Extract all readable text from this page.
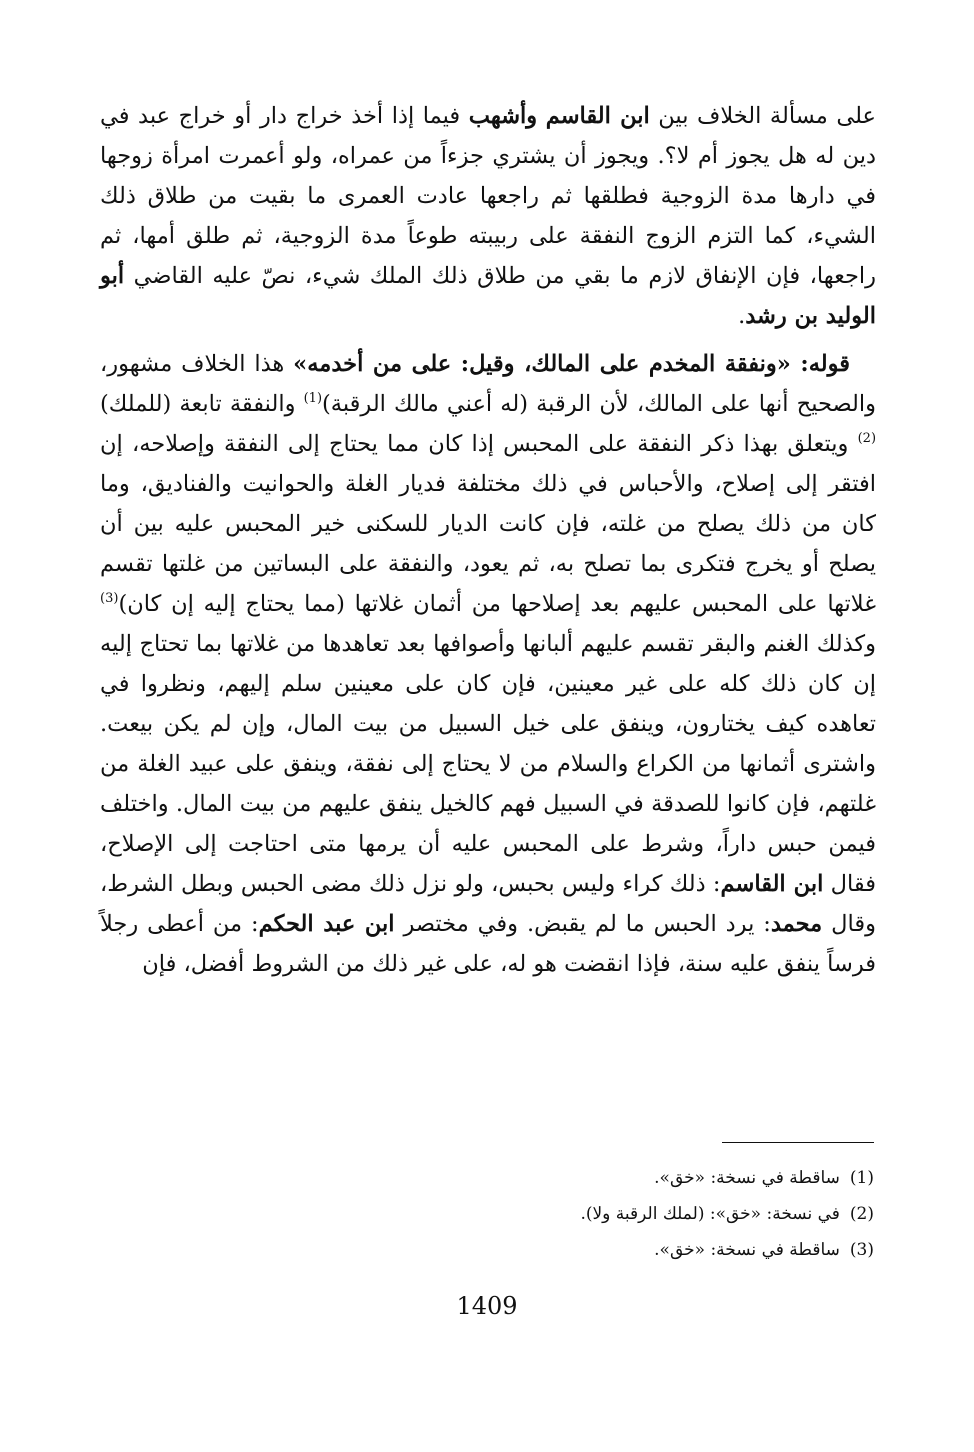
على مسألة الخلاف بين ابن القاسم وأشهب فيما إذا أخذ خراج دار أو خراج عبد في دين له هل يجوز أم لا؟. ويجوز أن يشتري جزءاً من عمراه، ولو أعمرت امرأة زوجها في دارها مدة الزوجية فطلقها ثم راجعها عادت العمرى ما بقيت من طلاق ذلك الشيء، كما التزم الزوج النفقة على ربيبته طوعاً مدة الزوجية، ثم طلق أمها، ثم راجعها، فإن الإنفاق لازم ما بقي من طلاق ذلك الملك شيء، نصّ عليه القاضي أبو الوليد بن رشد.

قوله: «ونفقة المخدم على المالك، وقيل: على من أخدمه» هذا الخلاف مشهور، والصحيح أنها على المالك، لأن الرقبة (له أعني مالك الرقبة)$^{(1)}$ والنفقة تابعة (للملك)$^{(2)}$ ويتعلق بهذا ذكر النفقة على المحبس إذا كان مما يحتاج إلى النفقة وإصلاحه، إن افتقر إلى إصلاح، والأحباس في ذلك مختلفة فديار الغلة والحوانيت والفناديق، وما كان من ذلك يصلح من غلته، فإن كانت الديار للسكنى خير المحبس عليه بين أن يصلح أو يخرج فتكرى بما تصلح به، ثم يعود، والنفقة على البساتين من غلتها تقسم غلاتها على المحبس عليهم بعد إصلاحها من أثمان غلاتها (مما يحتاج إليه إن كان)$^{(3)}$ وكذلك الغنم والبقر تقسم عليهم ألبانها وأصوافها بعد تعاهدها من غلاتها بما تحتاج إليه إن كان ذلك كله على غير معينين، فإن كان على معينين سلم إليهم، ونظروا في تعاهده كيف يختارون، وينفق على خيل السبيل من بيت المال، وإن لم يكن بيعت. واشترى أثمانها من الكراع والسلام من لا يحتاج إلى نفقة، وينفق على عبيد الغلة من غلتهم، فإن كانوا للصدقة في السبيل فهم كالخيل ينفق عليهم من بيت المال. واختلف فيمن حبس داراً، وشرط على المحبس عليه أن يرمها متى احتاجت إلى الإصلاح، فقال ابن القاسم: ذلك كراء وليس بحبس، ولو نزل ذلك مضى الحبس وبطل الشرط، وقال محمد: يرد الحبس ما لم يقبض. وفي مختصر ابن عبد الحكم: من أعطى رجلاً فرساً ينفق عليه سنة، فإذا انقضت هو له، على غير ذلك من الشروط أفضل، فإن

(1)ساقطة في نسخة: «خق».

(2)في نسخة: «خق»: (لملك الرقبة ولا).

(3)ساقطة في نسخة: «خق».

1409
